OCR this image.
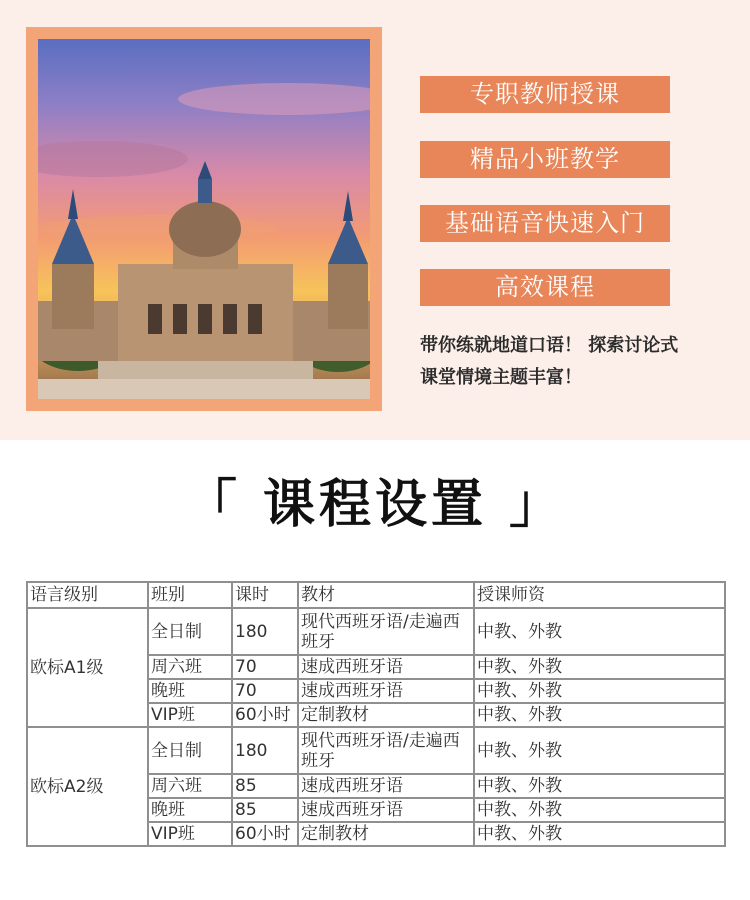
专职教师授课
精品小班教学
基础语音快速入门
高效课程
带你练就地道口语！ 探索讨论式
课堂情境主题丰富！
「 课程设置 」
语言级别	班别	课时	教材	授课师资
欧标A1级	全日制	180	现代西班牙语/走遍西班牙	中教、外教
	周六班	70	速成西班牙语	中教、外教
	晚班	70	速成西班牙语	中教、外教
	VIP班	60小时	定制教材	中教、外教
欧标A2级	全日制	180	现代西班牙语/走遍西班牙	中教、外教
	周六班	85	速成西班牙语	中教、外教
	晚班	85	速成西班牙语	中教、外教
	VIP班	60小时	定制教材	中教、外教
